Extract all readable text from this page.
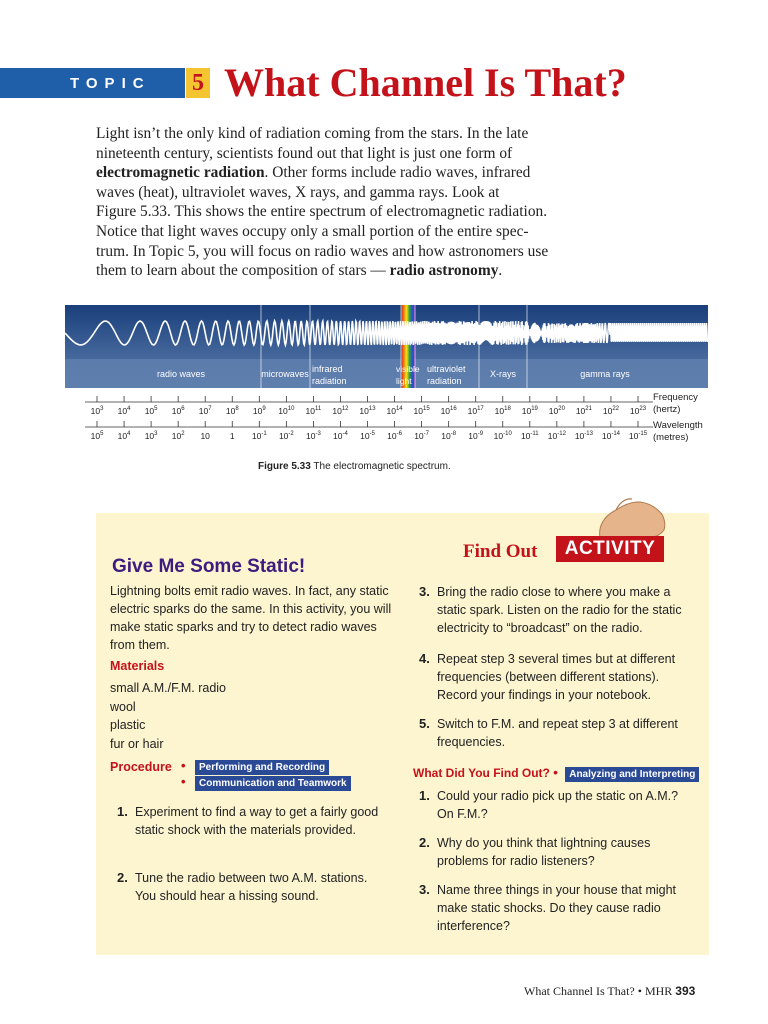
TOPIC 5 What Channel Is That?

Light isn’t the only kind of radiation coming from the stars. In the late
nineteenth century, scientists found out that light is just one form of
electromagnetic radiation. Other forms include radio waves, infrared
waves (heat), ultraviolet waves, X rays, and gamma rays. Look at
Figure 5.33. This shows the entire spectrum of electromagnetic radiation.
Notice that light waves occupy only a small portion of the entire spec-
trum. In Topic 5, you will focus on radio waves and how astronomers use
them to learn about the composition of stars — radio astronomy.

radio waves	microwaves infrared radiation
visible light
ultraviolet radiation
X-rays	gamma rays
$10^3$ $10^4$ $10^5$ $10^6$ $10^7$ $10^8$ $10^9$ $10^{10}$ $10^{11}$ $10^{12}$ $10^{13}$ $10^{14}$ $10^{15}$ $10^{16}$ $10^{17}$ $10^{18}$ $10^{19}$ $10^{20}$ $10^{21}$ $10^{22}$ $10^{23}$
$10^5$ $10^4$ $10^3$ $10^2$ 10 1 $10^{-1}$ $10^{-2}$ $10^{-3}$ $10^{-4}$ $10^{-5}$ $10^{-6}$ $10^{-7}$ $10^{-8}$ $10^{-9}$ $10^{-10}$ $10^{-11}$ $10^{-12}$ $10^{-13}$ $10^{-14}$ $10^{-15}$
Frequency
(hertz)
Wavelength
(metres)
Figure 5.33 The electromagnetic spectrum.
Find Out	ACTIVITY
Give Me Some Static!
Lightning bolts emit radio waves. In fact, any static electric sparks do the same. In this activity, you will make static sparks and try to detect radio waves from them.
Materials
small A.M./F.M. radio
wool
plastic
fur or hair
Procedure • Performing and Recording
• Communication and Teamwork
1. Experiment to find a way to get a fairly good static shock with the materials provided.
2. Tune the radio between two A.M. stations. You should hear a hissing sound.
3. Bring the radio close to where you make a static spark. Listen on the radio for the static electricity to “broadcast” on the radio.
4. Repeat step 3 several times but at different frequencies (between different stations). Record your findings in your notebook.
5. Switch to F.M. and repeat step 3 at different frequencies.
What Did You Find Out? • Analyzing and Interpreting
1. Could your radio pick up the static on A.M.? On F.M.?
2. Why do you think that lightning causes problems for radio listeners?
3. Name three things in your house that might make static shocks. Do they cause radio interference?
What Channel Is That? • MHR 393
